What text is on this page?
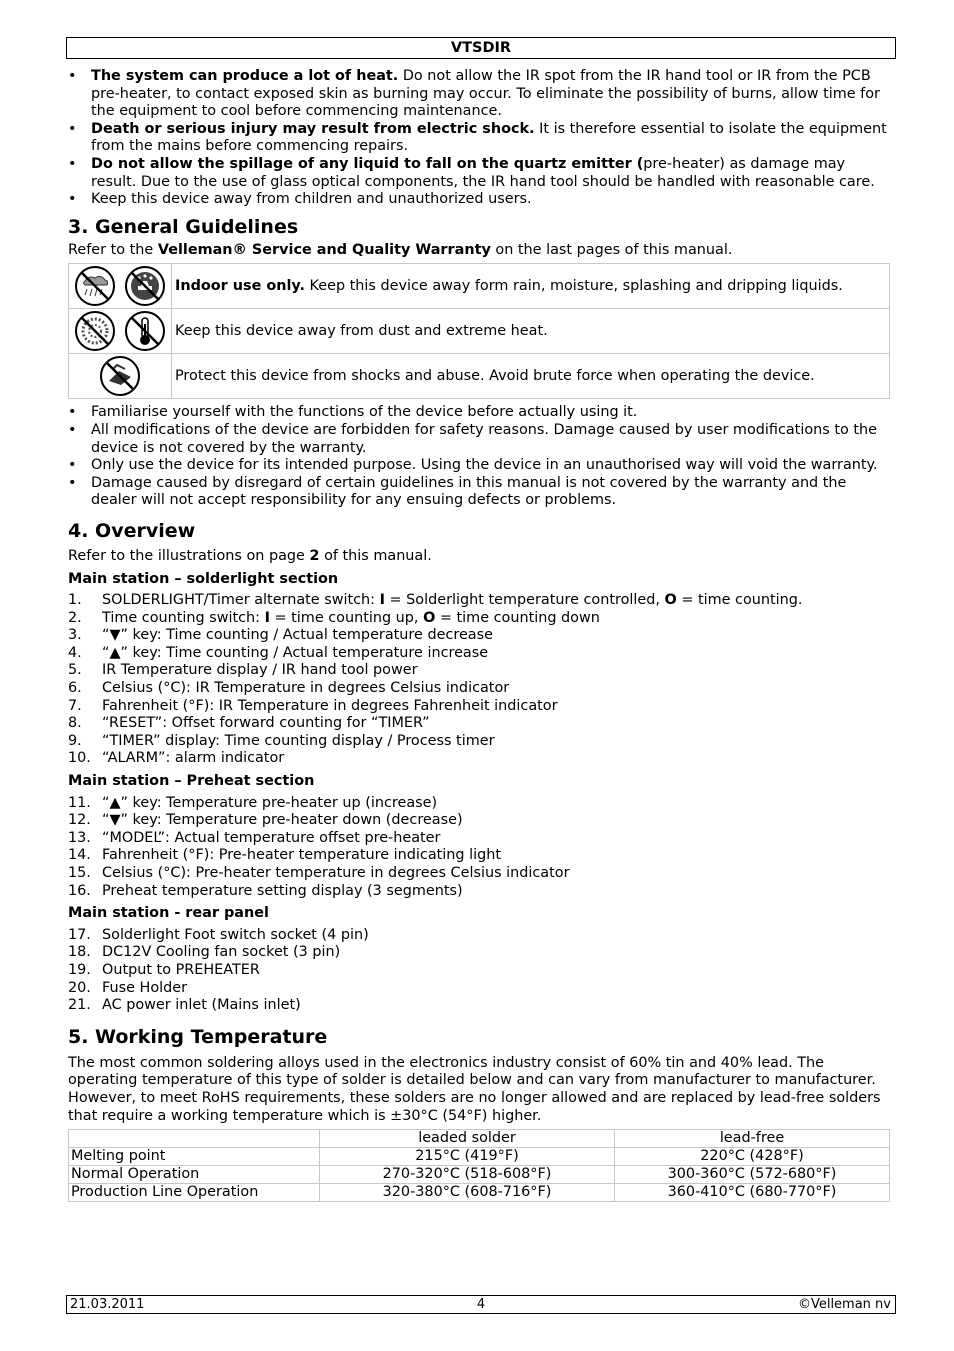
VTSDIR
• The system can produce a lot of heat. Do not allow the IR spot from the IR hand tool or IR from the PCB pre-heater, to contact exposed skin as burning may occur. To eliminate the possibility of burns, allow time for the equipment to cool before commencing maintenance.
• Death or serious injury may result from electric shock. It is therefore essential to isolate the equipment from the mains before commencing repairs.
• Do not allow the spillage of any liquid to fall on the quartz emitter (pre-heater) as damage may result. Due to the use of glass optical components, the IR hand tool should be handled with reasonable care.
• Keep this device away from children and unauthorized users.
3. General Guidelines

Refer to the Velleman® Service and Quality Warranty on the last pages of this manual.

	Indoor use only. Keep this device away form rain, moisture, splashing and dripping liquids.
	Keep this device away from dust and extreme heat.
	Protect this device from shocks and abuse. Avoid brute force when operating the device.
• Familiarise yourself with the functions of the device before actually using it.
• All modifications of the device are forbidden for safety reasons. Damage caused by user modifications to the device is not covered by the warranty.
• Only use the device for its intended purpose. Using the device in an unauthorised way will void the warranty.
• Damage caused by disregard of certain guidelines in this manual is not covered by the warranty and the dealer will not accept responsibility for any ensuing defects or problems.
4. Overview

Refer to the illustrations on page 2 of this manual.

Main station – solderlight section
1. SOLDERLIGHT/Timer alternate switch: I = Solderlight temperature controlled, O = time counting.
2. Time counting switch: I = time counting up, O = time counting down
3. “▼” key: Time counting / Actual temperature decrease
4. “▲” key: Time counting / Actual temperature increase
5. IR Temperature display / IR hand tool power
6. Celsius (°C): IR Temperature in degrees Celsius indicator
7. Fahrenheit (°F): IR Temperature in degrees Fahrenheit indicator
8. “RESET”: Offset forward counting for “TIMER”
9. “TIMER” display: Time counting display / Process timer
10. “ALARM”: alarm indicator
Main station – Preheat section
11. “▲” key: Temperature pre-heater up (increase)
12. “▼” key: Temperature pre-heater down (decrease)
13. “MODEL”: Actual temperature offset pre-heater
14. Fahrenheit (°F): Pre-heater temperature indicating light
15. Celsius (°C): Pre-heater temperature in degrees Celsius indicator
16. Preheat temperature setting display (3 segments)
Main station - rear panel
17. Solderlight Foot switch socket (4 pin)
18. DC12V Cooling fan socket (3 pin)
19. Output to PREHEATER
20. Fuse Holder
21. AC power inlet (Mains inlet)
5. Working Temperature

The most common soldering alloys used in the electronics industry consist of 60% tin and 40% lead. The operating temperature of this type of solder is detailed below and can vary from manufacturer to manufacturer. However, to meet RoHS requirements, these solders are no longer allowed and are replaced by lead-free solders that require a working temperature which is ±30°C (54°F) higher.

	leaded solder	lead-free
Melting point	215°C (419°F)	220°C (428°F)
Normal Operation	270-320°C (518-608°F)	300-360°C (572-680°F)
Production Line Operation	320-380°C (608-716°F)	360-410°C (680-770°F)
21.03.2011	4	©Velleman nv
